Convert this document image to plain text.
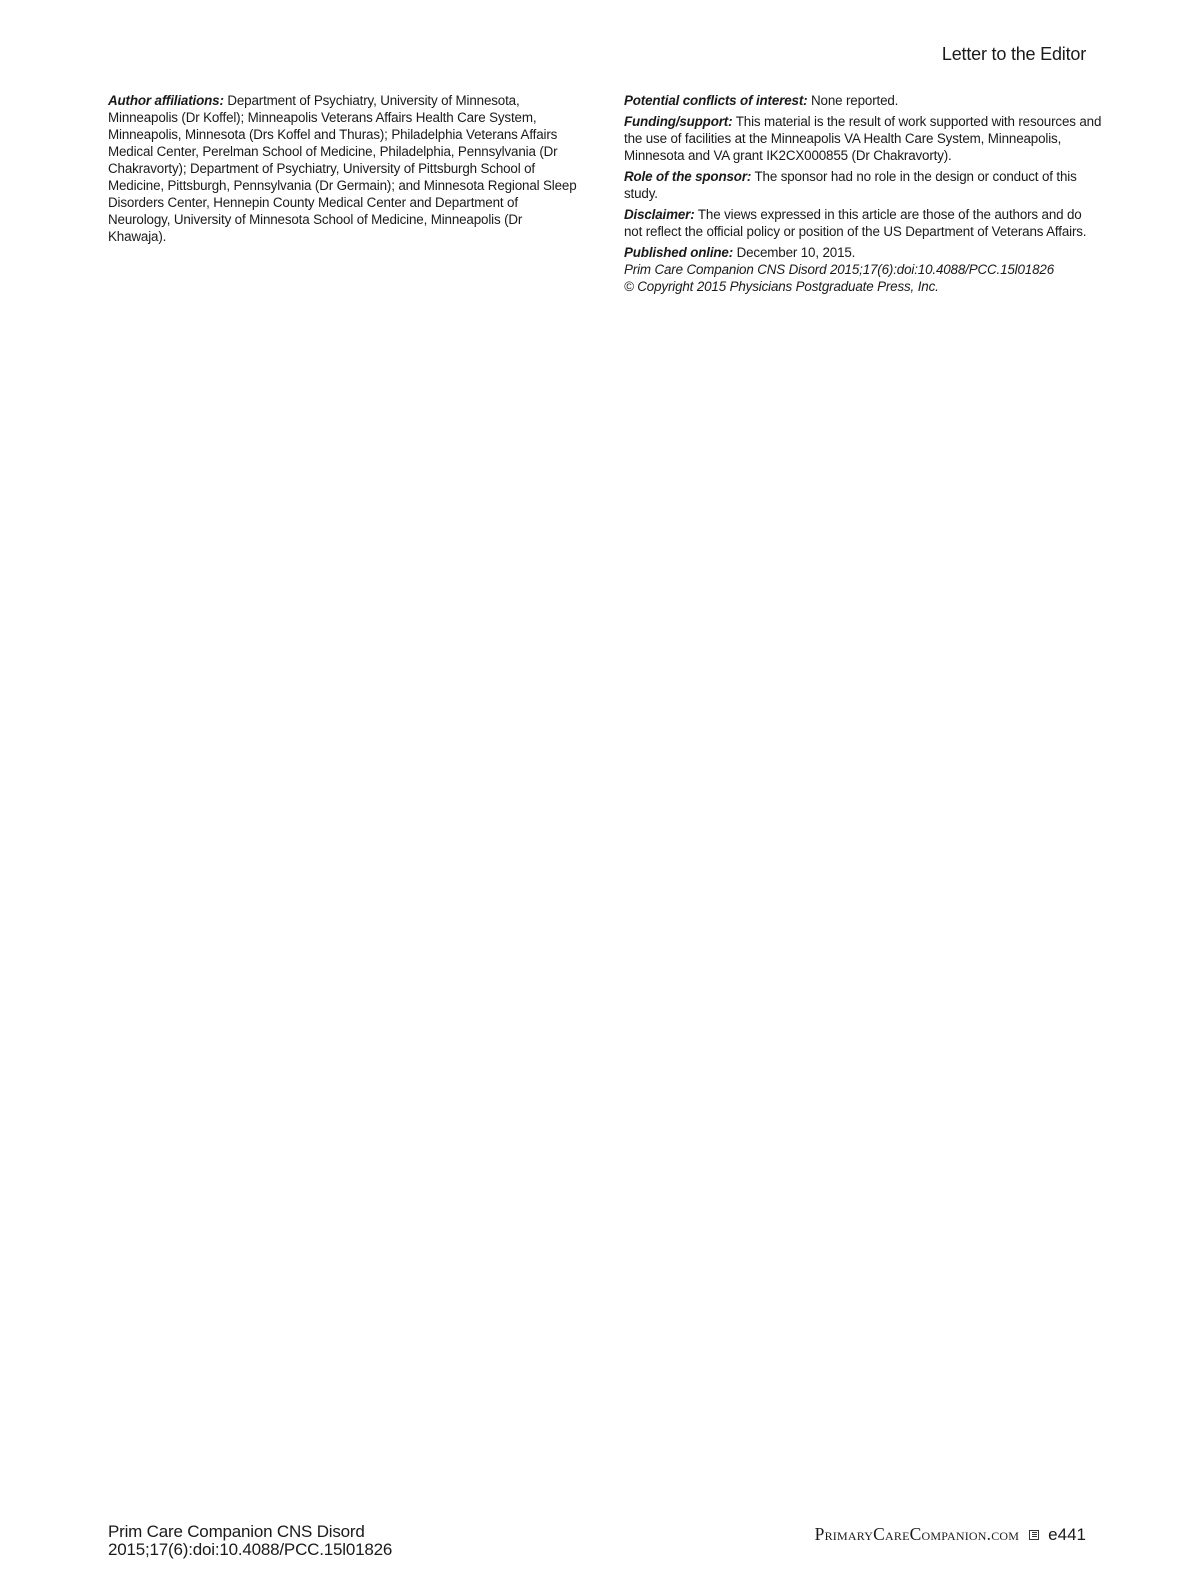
Letter to the Editor

Author affiliations: Department of Psychiatry, University of Minnesota, Minneapolis (Dr Koffel); Minneapolis Veterans Affairs Health Care System, Minneapolis, Minnesota (Drs Koffel and Thuras); Philadelphia Veterans Affairs Medical Center, Perelman School of Medicine, Philadelphia, Pennsylvania (Dr Chakravorty); Department of Psychiatry, University of Pittsburgh School of Medicine, Pittsburgh, Pennsylvania (Dr Germain); and Minnesota Regional Sleep Disorders Center, Hennepin County Medical Center and Department of Neurology, University of Minnesota School of Medicine, Minneapolis (Dr Khawaja).

Potential conflicts of interest: None reported.

Funding/support: This material is the result of work supported with resources and the use of facilities at the Minneapolis VA Health Care System, Minneapolis, Minnesota and VA grant IK2CX000855 (Dr Chakravorty).

Role of the sponsor: The sponsor had no role in the design or conduct of this study.

Disclaimer: The views expressed in this article are those of the authors and do not reflect the official policy or position of the US Department of Veterans Affairs.

Published online: December 10, 2015.

Prim Care Companion CNS Disord 2015;17(6):doi:10.4088/PCC.15l01826

© Copyright 2015 Physicians Postgraduate Press, Inc.

Prim Care Companion CNS Disord
2015;17(6):doi:10.4088/PCC.15l01826
PrimaryCareCompanion.com e441
